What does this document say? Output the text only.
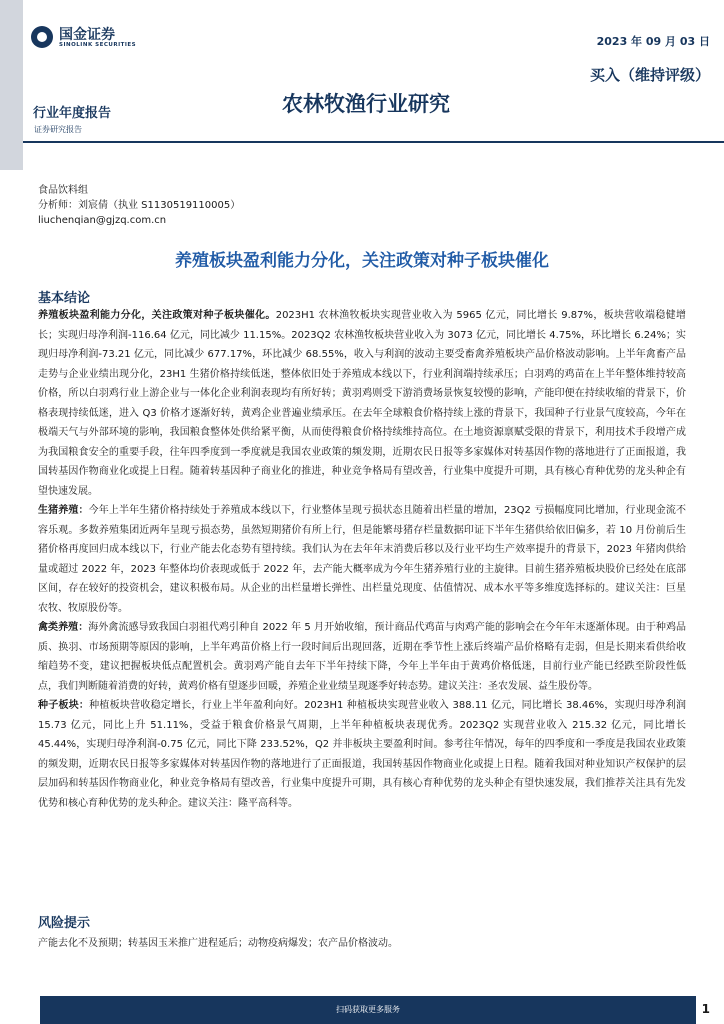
国金证券
SINOLINK SECURITIES	2023 年 09 月 03 日
买入（维持评级）
农林牧渔行业研究
行业年度报告
证券研究报告
食品饮料组
分析师：刘宸倩（执业 S1130519110005）
liuchenqian@gjzq.com.cn
养殖板块盈利能力分化，关注政策对种子板块催化
基本结论

养殖板块盈利能力分化，关注政策对种子板块催化。2023H1 农林渔牧板块实现营业收入为 5965 亿元，同比增长 9.87%，板块营收端稳健增长；实现归母净利润-116.64 亿元，同比减少 11.15%。2023Q2 农林渔牧板块营业收入为 3073 亿元，同比增长 4.75%，环比增长 6.24%；实现归母净利润-73.21 亿元，同比减少 677.17%，环比减少 68.55%，收入与利润的波动主要受畜禽养殖板块产品价格波动影响。上半年禽畜产品走势与企业业绩出现分化，23H1 生猪价格持续低迷，整体依旧处于养殖成本线以下，行业利润端持续承压；白羽鸡的鸡苗在上半年整体维持较高价格，所以白羽鸡行业上游企业与一体化企业利润表现均有所好转；黄羽鸡则受下游消费场景恢复较慢的影响，产能印便在持续收缩的背景下，价格表现持续低迷，进入 Q3 价格才逐渐好转，黄鸡企业普遍业绩承压。在去年全球粮食价格持续上涨的背景下，我国种子行业景气度较高，今年在极端天气与外部环境的影响，我国粮食整体处供给紧平衡，从而使得粮食价格持续维持高位。在土地资源禀赋受限的背景下，利用技术手段增产成为我国粮食安全的重要手段，往年四季度到一季度就是我国农业政策的频发期，近期农民日报等多家媒体对转基因作物的落地进行了正面报道，我国转基因作物商业化或提上日程。随着转基因种子商业化的推进，种业竞争格局有望改善，行业集中度提升可期，具有核心育种优势的龙头种企有望快速发展。

生猪养殖：今年上半年生猪价格持续处于养殖成本线以下，行业整体呈现亏损状态且随着出栏量的增加，23Q2 亏损幅度同比增加，行业现金流不容乐观。多数养殖集团近两年呈现亏损态势，虽然短期猪价有所上行，但是能繁母猪存栏量数据印证下半年生猪供给依旧偏多，若 10 月份前后生猪价格再度回归成本线以下，行业产能去化态势有望持续。我们认为在去年年末消费后移以及行业平均生产效率提升的背景下，2023 年猪肉供给量或超过 2022 年，2023 年整体均价表现或低于 2022 年，去产能大概率成为今年生猪养殖行业的主旋律。目前生猪养殖板块股价已经处在底部区间，存在较好的投资机会，建议积极布局。从企业的出栏量增长弹性、出栏量兑现度、估值情况、成本水平等多维度选择标的。建议关注：巨星农牧、牧原股份等。

禽类养殖：海外禽流感导致我国白羽祖代鸡引种自 2022 年 5 月开始收缩，预计商品代鸡苗与肉鸡产能的影响会在今年年末逐渐体现。由于种鸡品质、换羽、市场预期等原因的影响，上半年鸡苗价格上行一段时间后出现回落，近期在季节性上涨后终端产品价格略有走弱，但是长期来看供给收缩趋势不变，建议把握板块低点配置机会。黄羽鸡产能自去年下半年持续下降，今年上半年由于黄鸡价格低迷，目前行业产能已经跌至阶段性低点，我们判断随着消费的好转，黄鸡价格有望逐步回暖，养殖企业业绩呈现逐季好转态势。建议关注：圣农发展、益生股份等。

种子板块：种植板块营收稳定增长，行业上半年盈利向好。2023H1 种植板块实现营业收入 388.11 亿元，同比增长 38.46%，实现归母净利润 15.73 亿元，同比上升 51.11%，受益于粮食价格景气周期，上半年种植板块表现优秀。2023Q2 实现营业收入 215.32 亿元，同比增长 45.44%，实现归母净利润-0.75 亿元，同比下降 233.52%，Q2 并非板块主要盈利时间。参考往年情况，每年的四季度和一季度是我国农业政策的频发期，近期农民日报等多家媒体对转基因作物的落地进行了正面报道，我国转基因作物商业化或提上日程。随着我国对种业知识产权保护的层层加码和转基因作物商业化，种业竞争格局有望改善，行业集中度提升可期，具有核心育种优势的龙头种企有望快速发展，我们推荐关注具有先发优势和核心育种优势的龙头种企。建议关注：隆平高科等。

风险提示
产能去化不及预期；转基因玉米推广进程延后；动物疫病爆发；农产品价格波动。
扫码获取更多服务	1
